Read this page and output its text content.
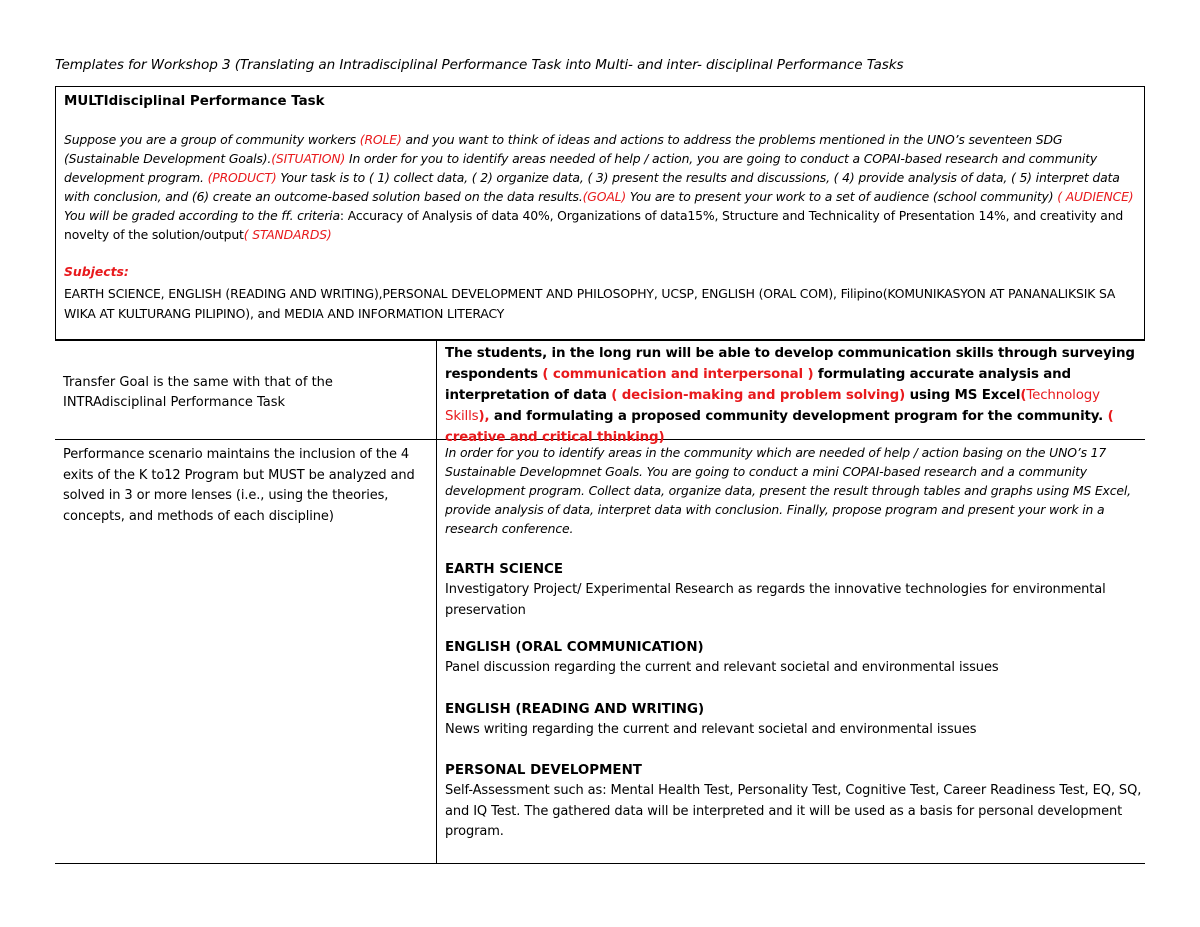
Templates for Workshop 3 (Translating an Intradisciplinal Performance Task into Multi- and inter- disciplinal Performance Tasks
MULTIdisciplinal Performance Task
Suppose you are a group of community workers (ROLE) and you want to think of ideas and actions to address the problems mentioned in the UNO’s seventeen SDG (Sustainable Development Goals).(SITUATION) In order for you to identify areas needed of help / action, you are going to conduct a COPAI-based research and community development program. (PRODUCT) Your task is to ( 1) collect data, ( 2) organize data, ( 3) present the results and discussions, ( 4) provide analysis of data, ( 5) interpret data with conclusion, and (6) create an outcome-based solution based on the data results.(GOAL) You are to present your work to a set of audience (school community) ( AUDIENCE) You will be graded according to the ff. criteria: Accuracy of Analysis of data 40%, Organizations of data15%, Structure and Technicality of Presentation 14%, and creativity and novelty of the solution/output( STANDARDS)
Subjects:
EARTH SCIENCE, ENGLISH (READING AND WRITING),PERSONAL DEVELOPMENT AND PHILOSOPHY, UCSP, ENGLISH (ORAL COM), Filipino(KOMUNIKASYON AT PANANALIKSIK SA WIKA AT KULTURANG PILIPINO), and MEDIA AND INFORMATION LITERACY
Transfer Goal is the same with that of the INTRAdisciplinal Performance Task
The students, in the long run will be able to develop communication skills through surveying respondents ( communication and interpersonal ) formulating accurate analysis and interpretation of data ( decision-making and problem solving) using MS Excel(Technology Skills), and formulating a proposed community development program for the community. ( creative and critical thinking)
Performance scenario maintains the inclusion of the 4 exits of the K to12 Program but MUST be analyzed and solved in 3 or more lenses (i.e., using the theories, concepts, and methods of each discipline)
In order for you to identify areas in the community which are needed of help / action basing on the UNO’s 17 Sustainable Developmnet Goals. You are going to conduct a mini COPAI-based research and a community development program. Collect data, organize data, present the result through tables and graphs using MS Excel, provide analysis of data, interpret data with conclusion. Finally, propose program and present your work in a research conference.
EARTH SCIENCE
Investigatory Project/ Experimental Research as regards the innovative technologies for environmental preservation
ENGLISH (ORAL COMMUNICATION)
Panel discussion regarding the current and relevant societal and environmental issues
ENGLISH (READING AND WRITING)
News writing regarding the current and relevant societal and environmental issues
PERSONAL DEVELOPMENT
Self-Assessment such as: Mental Health Test, Personality Test, Cognitive Test, Career Readiness Test, EQ, SQ, and IQ Test. The gathered data will be interpreted and it will be used as a basis for personal development program.
